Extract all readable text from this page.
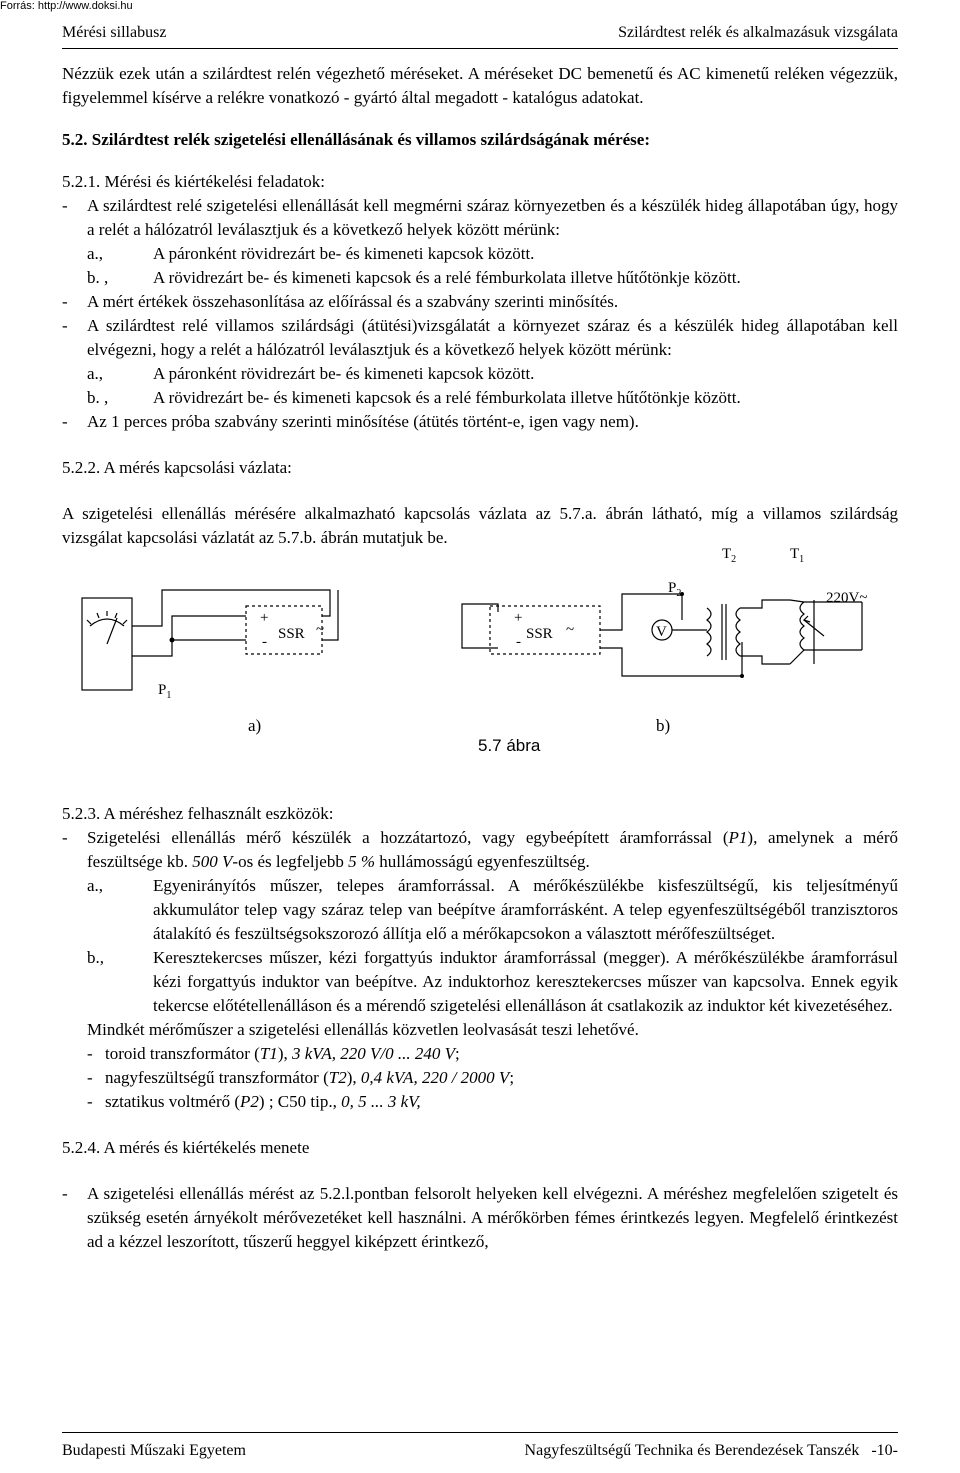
Forrás: http://www.doksi.hu
Mérési sillabusz	Szilárdtest relék és alkalmazásuk vizsgálata

Nézzük ezek után a szilárdtest relén végezhető méréseket. A méréseket DC bemenetű és AC kimenetű reléken végezzük, figyelemmel kísérve a relékre vonatkozó - gyártó által megadott - katalógus adatokat.

5.2. Szilárdtest relék szigetelési ellenállásának és villamos szilárdságának mérése:

5.2.1. Mérési és kiértékelési feladatok:

-	A szilárdtest relé szigetelési ellenállását kell megmérni száraz környezetben és a készülék hideg állapotában úgy, hogy a relét a hálózatról leválasztjuk és a következő helyek között mérünk:
a.,	A páronként rövidrezárt be- és kimeneti kapcsok között.
b. ,	A rövidrezárt be- és kimeneti kapcsok és a relé fémburkolata illetve hűtőtönkje között.
-	A mért értékek összehasonlítása az előírással és a szabvány szerinti minősítés.
-	A szilárdtest relé villamos szilárdsági (átütési)vizsgálatát a környezet száraz és a készülék hideg állapotában kell elvégezni, hogy a relét a hálózatról leválasztjuk és a következő helyek között mérünk:
a.,	A páronként rövidrezárt be- és kimeneti kapcsok között.
b. ,	A rövidrezárt be- és kimeneti kapcsok és a relé fémburkolata illetve hűtőtönkje között.
-	Az 1 perces próba szabvány szerinti minősítése (átütés történt-e, igen vagy nem).

5.2.2. A mérés kapcsolási vázlata:

A szigetelési ellenállás mérésére alkalmazható kapcsolás vázlata az 5.7.a. ábrán látható, míg a villamos szilárdság vizsgálat kapcsolási vázlatát az 5.7.b. ábrán mutatjuk be.

$P_1$
+
- SSR ~
+
- SSR ~	V
$P_2$
$T_2$	$T_1$
220V~
a)	b)
5.7 ábra

5.2.3. A méréshez felhasznált eszközök:

-	Szigetelési ellenállás mérő készülék a hozzátartozó, vagy egybeépített áramforrással (P1), amelynek a mérő feszültsége kb. 500 V-os és legfeljebb 5 % hullámosságú egyenfeszültség.
a.,	Egyenirányítós műszer, telepes áramforrással. A mérőkészülékbe kisfeszültségű, kis teljesítményű akkumulátor telep vagy száraz telep van beépítve áramforrásként. A telep egyenfeszültségéből tranzisztoros átalakító és feszültségsokszorozó állítja elő a mérőkapcsokon a választott mérőfeszültséget.
b.,	Keresztekercses műszer, kézi forgattyús induktor áramforrással (megger). A mérőkészülékbe áramforrásul kézi forgattyús induktor van beépítve. Az induktorhoz keresztekercses műszer van kapcsolva. Ennek egyik tekercse előtétellenálláson és a mérendő szigetelési ellenálláson át csatlakozik az induktor két kivezetéséhez.

Mindkét mérőműszer a szigetelési ellenállás közvetlen leolvasását teszi lehetővé.

- toroid transzformátor (T1), 3 kVA, 220 V/0 ... 240 V;
- nagyfeszültségű transzformátor (T2), 0,4 kVA, 220 / 2000 V;
- sztatikus voltmérő (P2) ; C50 tip., 0, 5 ... 3 kV,

5.2.4. A mérés és kiértékelés menete

-	A szigetelési ellenállás mérést az 5.2.l.pontban felsorolt helyeken kell elvégezni. A méréshez megfelelően szigetelt és szükség esetén árnyékolt mérővezetéket kell használni. A mérőkörben fémes érintkezés legyen. Megfelelő érintkezést ad a kézzel leszorított, tűszerű heggyel kiképzett érintkező,
Budapesti Műszaki Egyetem	Nagyfeszültségű Technika és Berendezések Tanszék   -10-
